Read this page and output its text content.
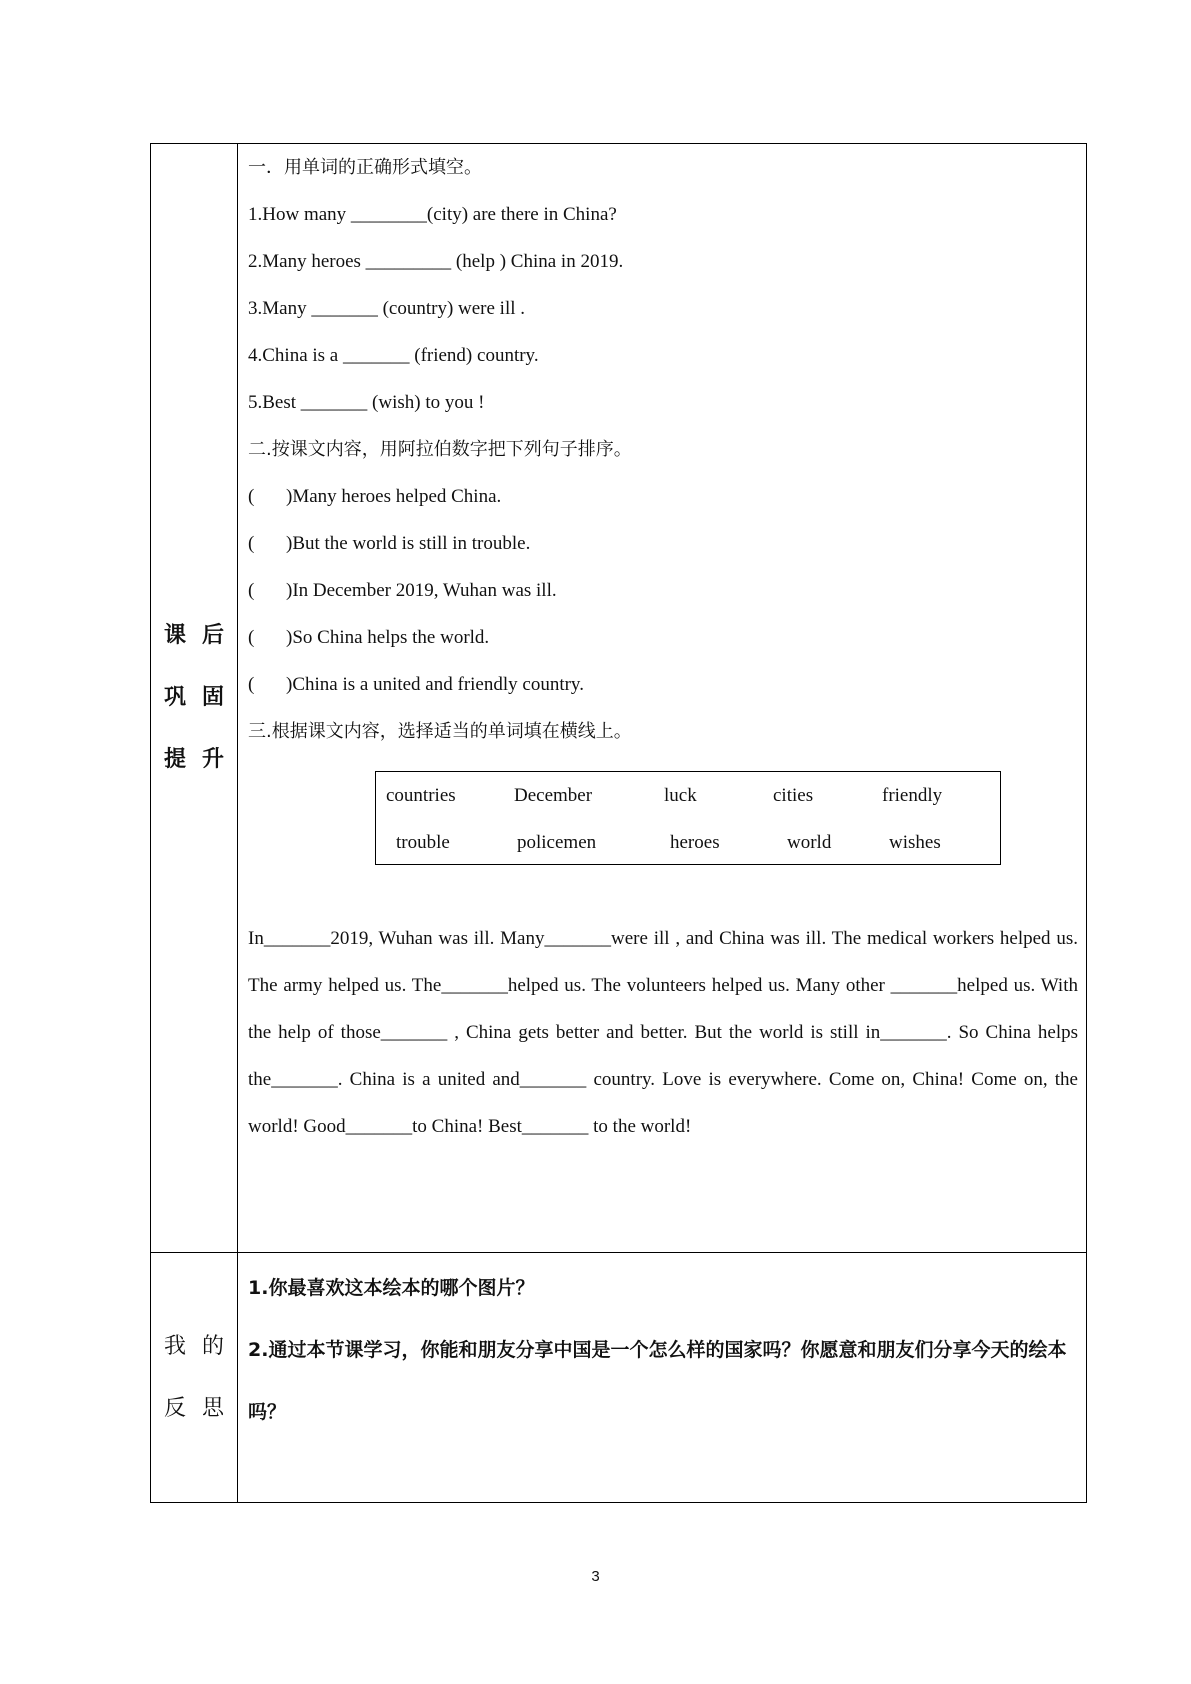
课 后
巩 固
提 升
一．用单词的正确形式填空。
1.How many ________(city) are there in China?
2.Many heroes _________ (help ) China in 2019.
3.Many _______ (country) were ill .
4.China is a _______ (friend) country.
5.Best _______ (wish) to you !
二.按课文内容，用阿拉伯数字把下列句子排序。
( )Many heroes helped China.
( )But the world is still in trouble.
( )In December 2019, Wuhan was ill.
( )So China helps the world.
( )China is a united and friendly country.
三.根据课文内容，选择适当的单词填在横线上。
countries	December	luck	cities	friendly
trouble	policemen	heroes	world	wishes
In_______2019, Wuhan was ill. Many_______were ill , and China was ill. The medical workers helped us. The army helped us. The_______helped us. The volunteers helped us. Many other _______helped us. With the help of those_______ , China gets better and better. But the world is still in_______. So China helps the_______. China is a united and_______ country. Love is everywhere. Come on, China! Come on, the world! Good_______to China! Best_______ to the world!
我 的
反 思
1.你最喜欢这本绘本的哪个图片？
2.通过本节课学习，你能和朋友分享中国是一个怎么样的国家吗？你愿意和朋友们分享今天的绘本吗？
3
